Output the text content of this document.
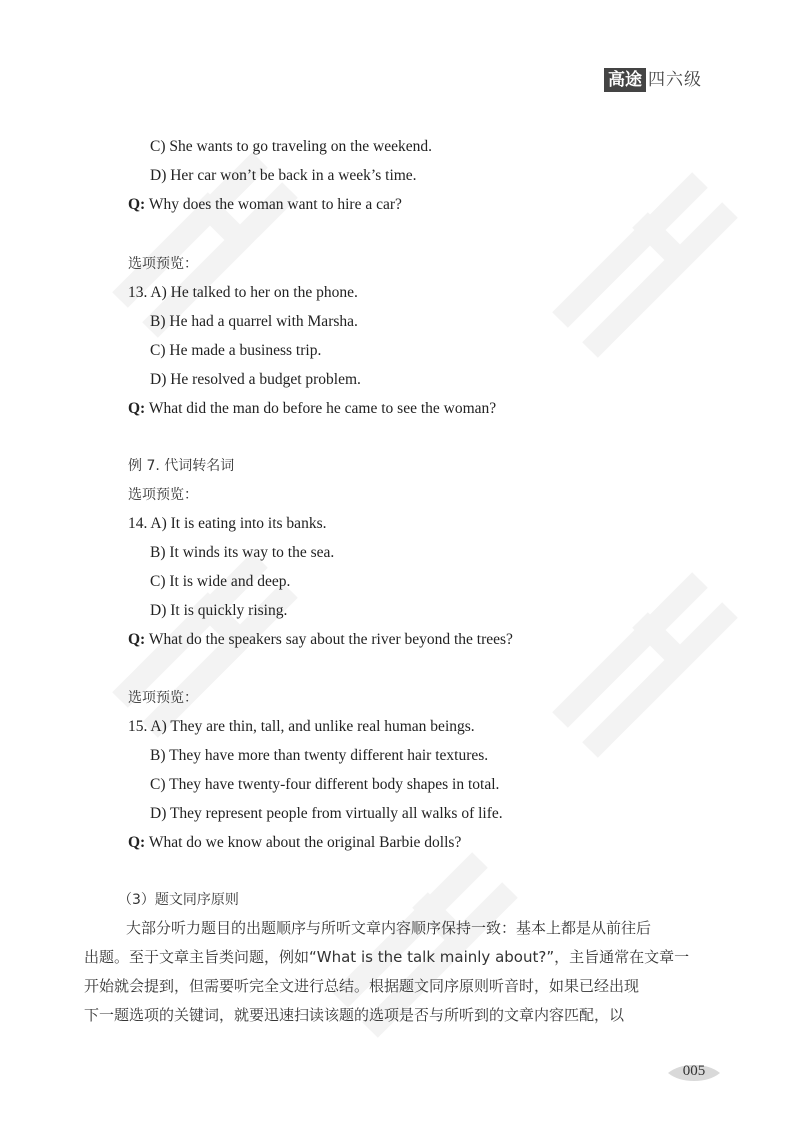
高途 四六级
C) She wants to go traveling on the weekend.
D) Her car won’t be back in a week’s time.
Q: Why does the woman want to hire a car?
选项预览：
13. A) He talked to her on the phone.
B) He had a quarrel with Marsha.
C) He made a business trip.
D) He resolved a budget problem.
Q: What did the man do before he came to see the woman?
例 7. 代词转名词
选项预览：
14. A) It is eating into its banks.
B) It winds its way to the sea.
C) It is wide and deep.
D) It is quickly rising.
Q: What do the speakers say about the river beyond the trees?
选项预览：
15. A) They are thin, tall, and unlike real human beings.
B) They have more than twenty different hair textures.
C) They have twenty-four different body shapes in total.
D) They represent people from virtually all walks of life.
Q: What do we know about the original Barbie dolls?
（3）题文同序原则
大部分听力题目的出题顺序与所听文章内容顺序保持一致：基本上都是从前往后
出题。至于文章主旨类问题，例如“What is the talk mainly about?”，主旨通常在文章一
开始就会提到，但需要听完全文进行总结。根据题文同序原则听音时，如果已经出现
下一题选项的关键词，就要迅速扫读该题的选项是否与所听到的文章内容匹配，以
005
